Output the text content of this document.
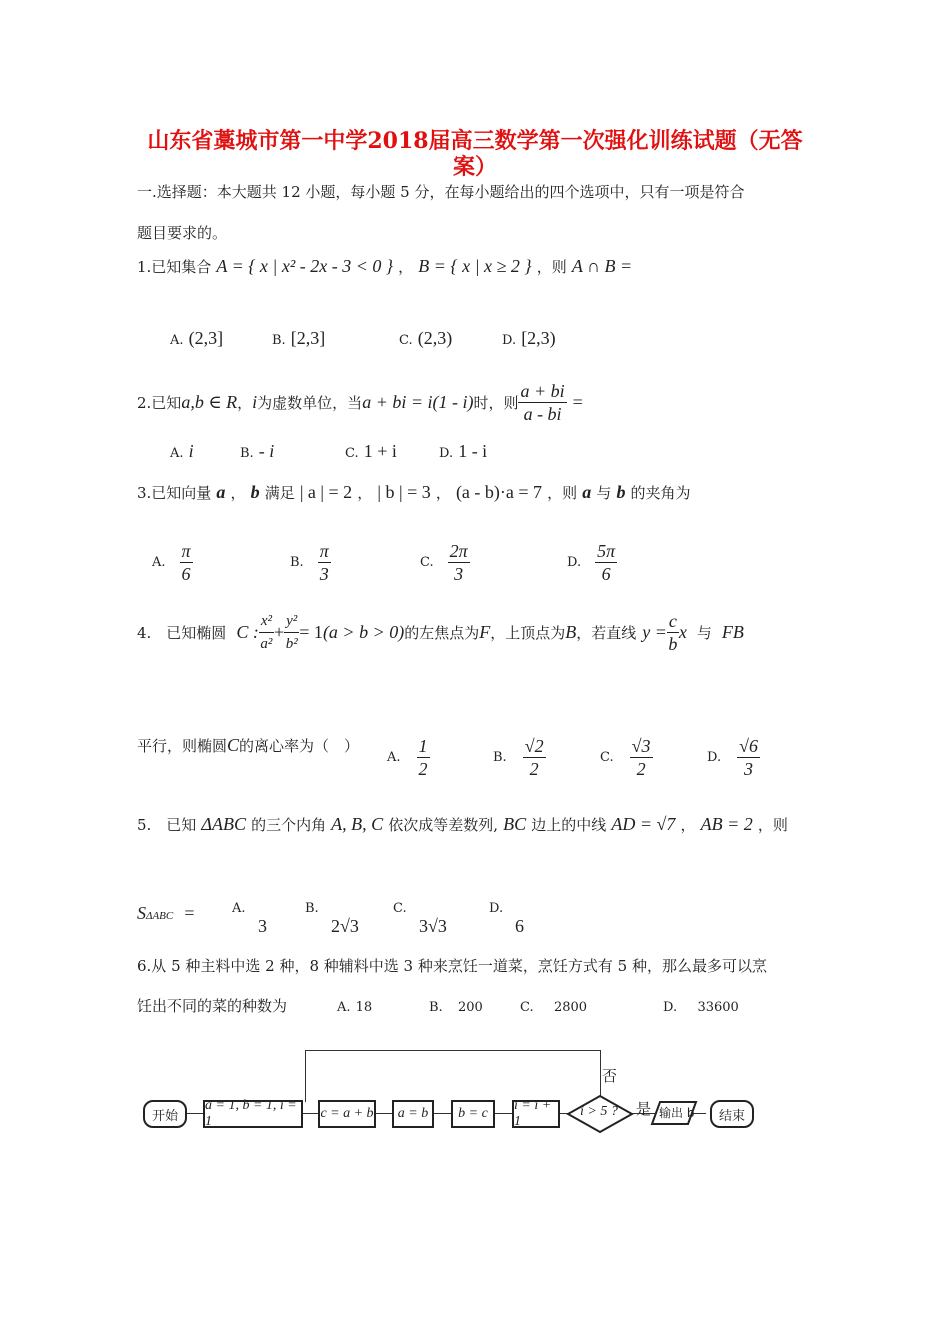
山东省藁城市第一中学2018届高三数学第一次强化训练试题（无答
案）
一.选择题：本大题共 12 小题，每小题 5 分，在每小题给出的四个选项中，只有一项是符合
题目要求的。
1.已知集合 A = { x | x² - 2x - 3 < 0 } ， B = { x | x ≥ 2 } ，则 A ∩ B =
A. (2,3]	B. [2,3]	C. (2,3)	D. [2,3)
2.已知 a,b ∈ R ， i 为虚数单位，当 a + bi = i(1 - i) 时，则 $\frac{a + bi}{a - bi}$ =
A. i	B. - i	C. 1 + i	D. 1 - i
3.已知向量 a ， b 满足 | a | = 2 ， | b | = 3 ， (a - b)·a = 7 ，则 a 与 b 的夹角为
A. $\frac{\pi}{6}$	B. $\frac{\pi}{3}$	C. $\frac{2\pi}{3}$	D. $\frac{5\pi}{6}$
4.　已知椭圆 C : $\frac{\text{x²}}{\text{a²}} + \frac{\text{y²}}{\text{b²}} = 1$ (a > b > 0) 的左焦点为 F ，上顶点为 B ，若直线 $y = \frac{c}{b}$ x 与 FB
平行，则椭圆 C 的离心率为（　）
A. $\frac{1}{2}$	B. $\frac{√2}{2}$	C. $\frac{√3}{2}$	D. $\frac{√6}{3}$
5.　已知 ΔABC 的三个内角 A, B, C 依次成等差数列, BC 边上的中线 AD = √7 ， AB = 2 ，则
SΔABC =	A.
3
B.
2√3
C.
3√3
D.
6
6.从 5 种主料中选 2 种，8 种辅料中选 3 种来烹饪一道菜，烹饪方式有 5 种，那么最多可以烹
饪出不同的菜的种数为	A. 18	B. 200	C. 2800	D. 33600
开始
a = 1, b = 1, i = 1
c = a + b	a = b	b = c
i = i + 1
i > 5 ?
否
是 输出 b	结束
